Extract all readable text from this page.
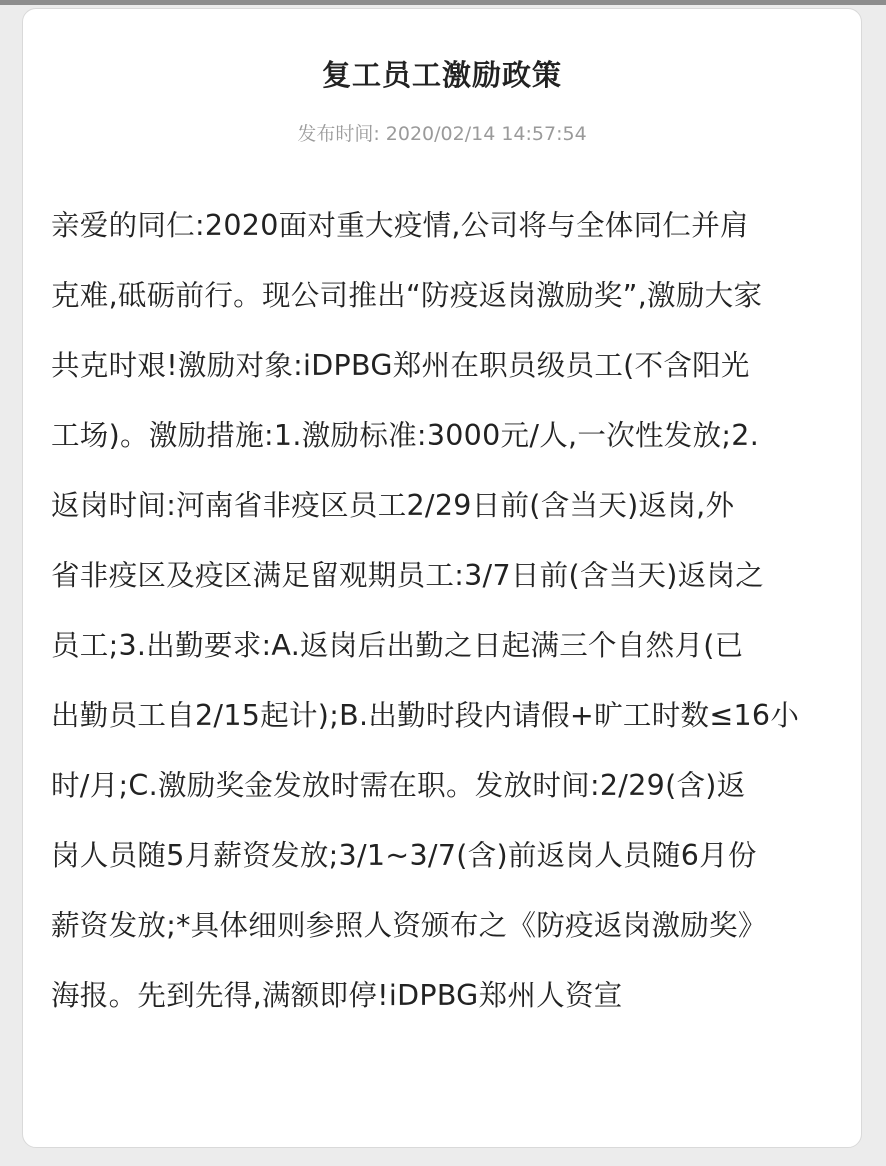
复工员工激励政策
发布时间: 2020/02/14 14:57:54
亲爱的同仁:2020面对重大疫情,公司将与全体同仁并肩
克难,砥砺前行。现公司推出“防疫返岗激励奖”,激励大家
共克时艰!激励对象:iDPBG郑州在职员级员工(不含阳光
工场)。激励措施:1.激励标准:3000元/人,一次性发放;2.
返岗时间:河南省非疫区员工2/29日前(含当天)返岗,外
省非疫区及疫区满足留观期员工:3/7日前(含当天)返岗之
员工;3.出勤要求:A.返岗后出勤之日起满三个自然月(已
出勤员工自2/15起计);B.出勤时段内请假+旷工时数≤16小
时/月;C.激励奖金发放时需在职。发放时间:2/29(含)返
岗人员随5月薪资发放;3/1~3/7(含)前返岗人员随6月份
薪资发放;*具体细则参照人资颁布之《防疫返岗激励奖》
海报。先到先得,满额即停!iDPBG郑州人资宣
